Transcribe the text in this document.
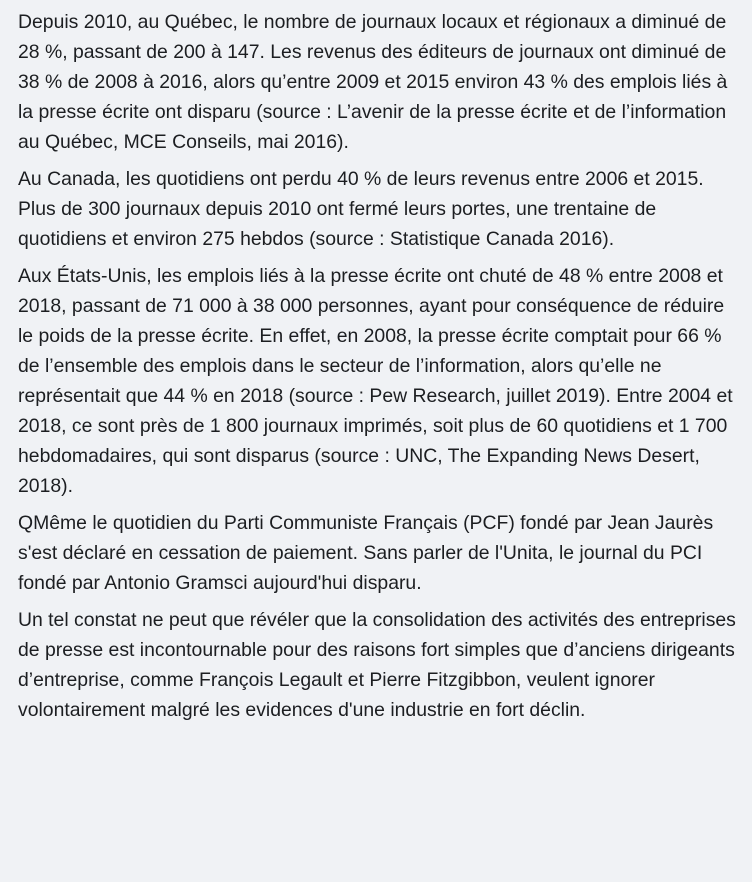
Depuis 2010, au Québec, le nombre de journaux locaux et régionaux a diminué de 28 %, passant de 200 à 147. Les revenus des éditeurs de journaux ont diminué de 38 % de 2008 à 2016, alors qu’entre 2009 et 2015 environ 43 % des emplois liés à la presse écrite ont disparu (source : L’avenir de la presse écrite et de l’information au Québec, MCE Conseils, mai 2016).

Au Canada, les quotidiens ont perdu 40 % de leurs revenus entre 2006 et 2015. Plus de 300 journaux depuis 2010 ont fermé leurs portes, une trentaine de quotidiens et environ 275 hebdos (source : Statistique Canada 2016).

Aux États-Unis, les emplois liés à la presse écrite ont chuté de 48 % entre 2008 et 2018, passant de 71 000 à 38 000 personnes, ayant pour conséquence de réduire le poids de la presse écrite. En effet, en 2008, la presse écrite comptait pour 66 % de l’ensemble des emplois dans le secteur de l’information, alors qu’elle ne représentait que 44 % en 2018 (source : Pew Research, juillet 2019). Entre 2004 et 2018, ce sont près de 1 800 journaux imprimés, soit plus de 60 quotidiens et 1 700 hebdomadaires, qui sont disparus (source : UNC, The Expanding News Desert, 2018).

QMême le quotidien du Parti Communiste Français (PCF) fondé par Jean Jaurès s'est déclaré en cessation de paiement. Sans parler de l'Unita, le journal du PCI fondé par Antonio Gramsci aujourd'hui disparu.

Un tel constat ne peut que révéler que la consolidation des activités des entreprises de presse est incontournable pour des raisons fort simples que d’anciens dirigeants d’entreprise, comme François Legault et Pierre Fitzgibbon, veulent ignorer volontairement malgré les evidences d'une industrie en fort déclin.
